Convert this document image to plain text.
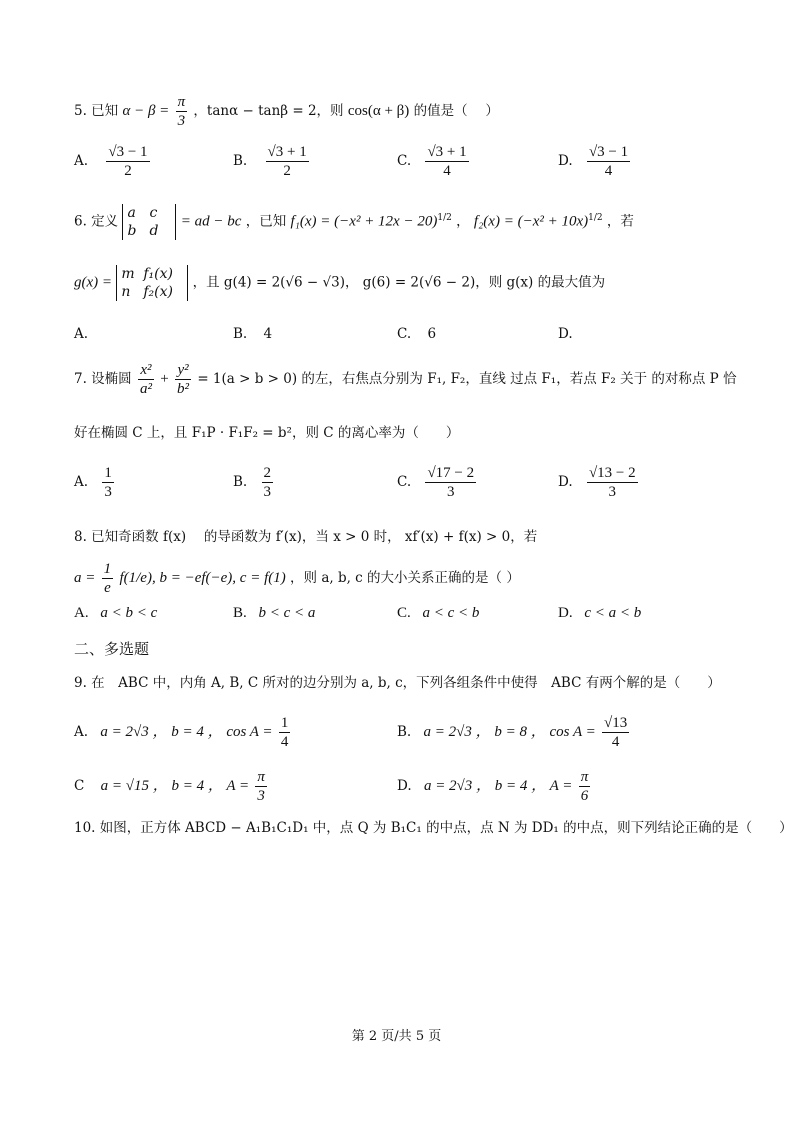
5. 已知 $\alpha - \beta = \frac{\pi}{3}$ ，tanα − tanβ = 2，则 cos(α + β) 的值是（　 ）
A. $\frac{√3 - 1}{2}$	B. $\frac{√3 + 1}{2}$	C. $\frac{√3 + 1}{4}$	D. $\frac{√3 - 1}{4}$
6. 定义 a c
b d = ad − bc ，已知 $f_1(x) = (-x^2 + 12x - 20)^{1/2}$ ， $f_2(x) = (-x^2 + 10x)^{1/2}$ ，若
g(x) = m f₁(x)
n f₂(x) ，且 g(4) = 2(√6 − √3)， g(6) = 2(√6 − 2)，则 g(x) 的最大值为
A.	B. 4	C. 6	D.
7. 设椭圆 $\frac{\text{x²}}{\text{a²}} + \frac{\text{y²}}{\text{b²}} = 1(a > b > 0)$ 的左，右焦点分别为 F₁, F₂，直线 过点 F₁，若点 F₂ 关于 的对称点 P 恰
好在椭圆 C 上，且 F₁P · F₁F₂ = b²，则 C 的离心率为（　　）
A. $\frac{1}{3}$	B. $\frac{2}{3}$	C. $\frac{√17 - 2}{3}$	D. $\frac{√13 - 2}{3}$
8. 已知奇函数 f(x)　 的导函数为 f′(x)，当 x > 0 时， xf′(x) + f(x) > 0，若
$a = \frac{1}{e} f(1/e)$, b = −ef(−e), c = f(1) ，则 a, b, c 的大小关系正确的是（ ）
A. a < b < c	B. b < c < a	C. a < c < b	D. c < a < b
二、多选题
9. 在　ABC 中，内角 A, B, C 所对的边分别为 a, b, c，下列各组条件中使得　ABC 有两个解的是（　　）
A. a = 2√3 ， b = 4 ， $\cos A = \frac{1}{4}$	B. a = 2√3 ， b = 8 ， $\cos A = \frac{√13}{4}$
C a = √15 ， b = 4 ， $A = \frac{\pi}{3}$	D. a = 2√3 ， b = 4 ， $A = \frac{\pi}{6}$
10. 如图，正方体 ABCD − A₁B₁C₁D₁ 中，点 Q 为 B₁C₁ 的中点，点 N 为 DD₁ 的中点，则下列结论正确的是（　　）
第 2 页/共 5 页
